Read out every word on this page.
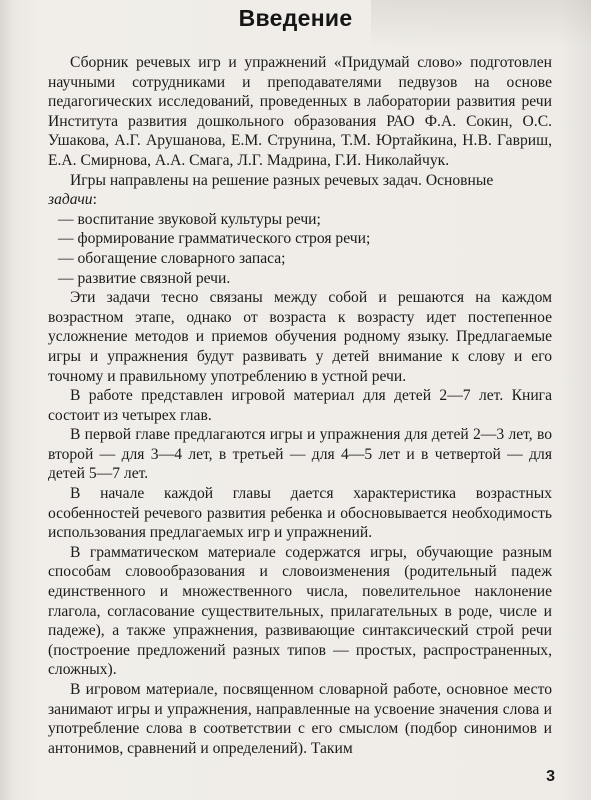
Введение

Сборник речевых игр и упражнений «Придумай слово» подготовлен научными сотрудниками и преподавателями педвузов на основе педагогических исследований, проведенных в лаборатории развития речи Института развития дошкольного образования РАО Ф.А. Сокин, О.С. Ушакова, А.Г. Арушанова, Е.М. Струнина, Т.М. Юртайкина, Н.В. Гавриш, Е.А. Смирнова, А.А. Смага, Л.Г. Мадрина, Г.И. Николайчук.

Игры направлены на решение разных речевых задач. Основные
задачи:

— воспитание звуковой культуры речи;

— формирование грамматического строя речи;

— обогащение словарного запаса;

— развитие связной речи.

Эти задачи тесно связаны между собой и решаются на каждом возрастном этапе, однако от возраста к возрасту идет постепенное усложнение методов и приемов обучения родному языку. Предлагаемые игры и упражнения будут развивать у детей внимание к слову и его точному и правильному употреблению в устной речи.

В работе представлен игровой материал для детей 2—7 лет. Книга состоит из четырех глав.

В первой главе предлагаются игры и упражнения для детей 2—3 лет, во второй — для 3—4 лет, в третьей — для 4—5 лет и в четвертой — для детей 5—7 лет.

В начале каждой главы дается характеристика возрастных особенностей речевого развития ребенка и обосновывается необходимость использования предлагаемых игр и упражнений.

В грамматическом материале содержатся игры, обучающие разным способам словообразования и словоизменения (родительный падеж единственного и множественного числа, повелительное наклонение глагола, согласование существительных, прилагательных в роде, числе и падеже), а также упражнения, развивающие синтаксический строй речи (построение предложений разных типов — простых, распространенных, сложных).

В игровом материале, посвященном словарной работе, основное место занимают игры и упражнения, направленные на усвоение значения слова и употребление слова в соответствии с его смыслом (подбор синонимов и антонимов, сравнений и определений). Таким

3
